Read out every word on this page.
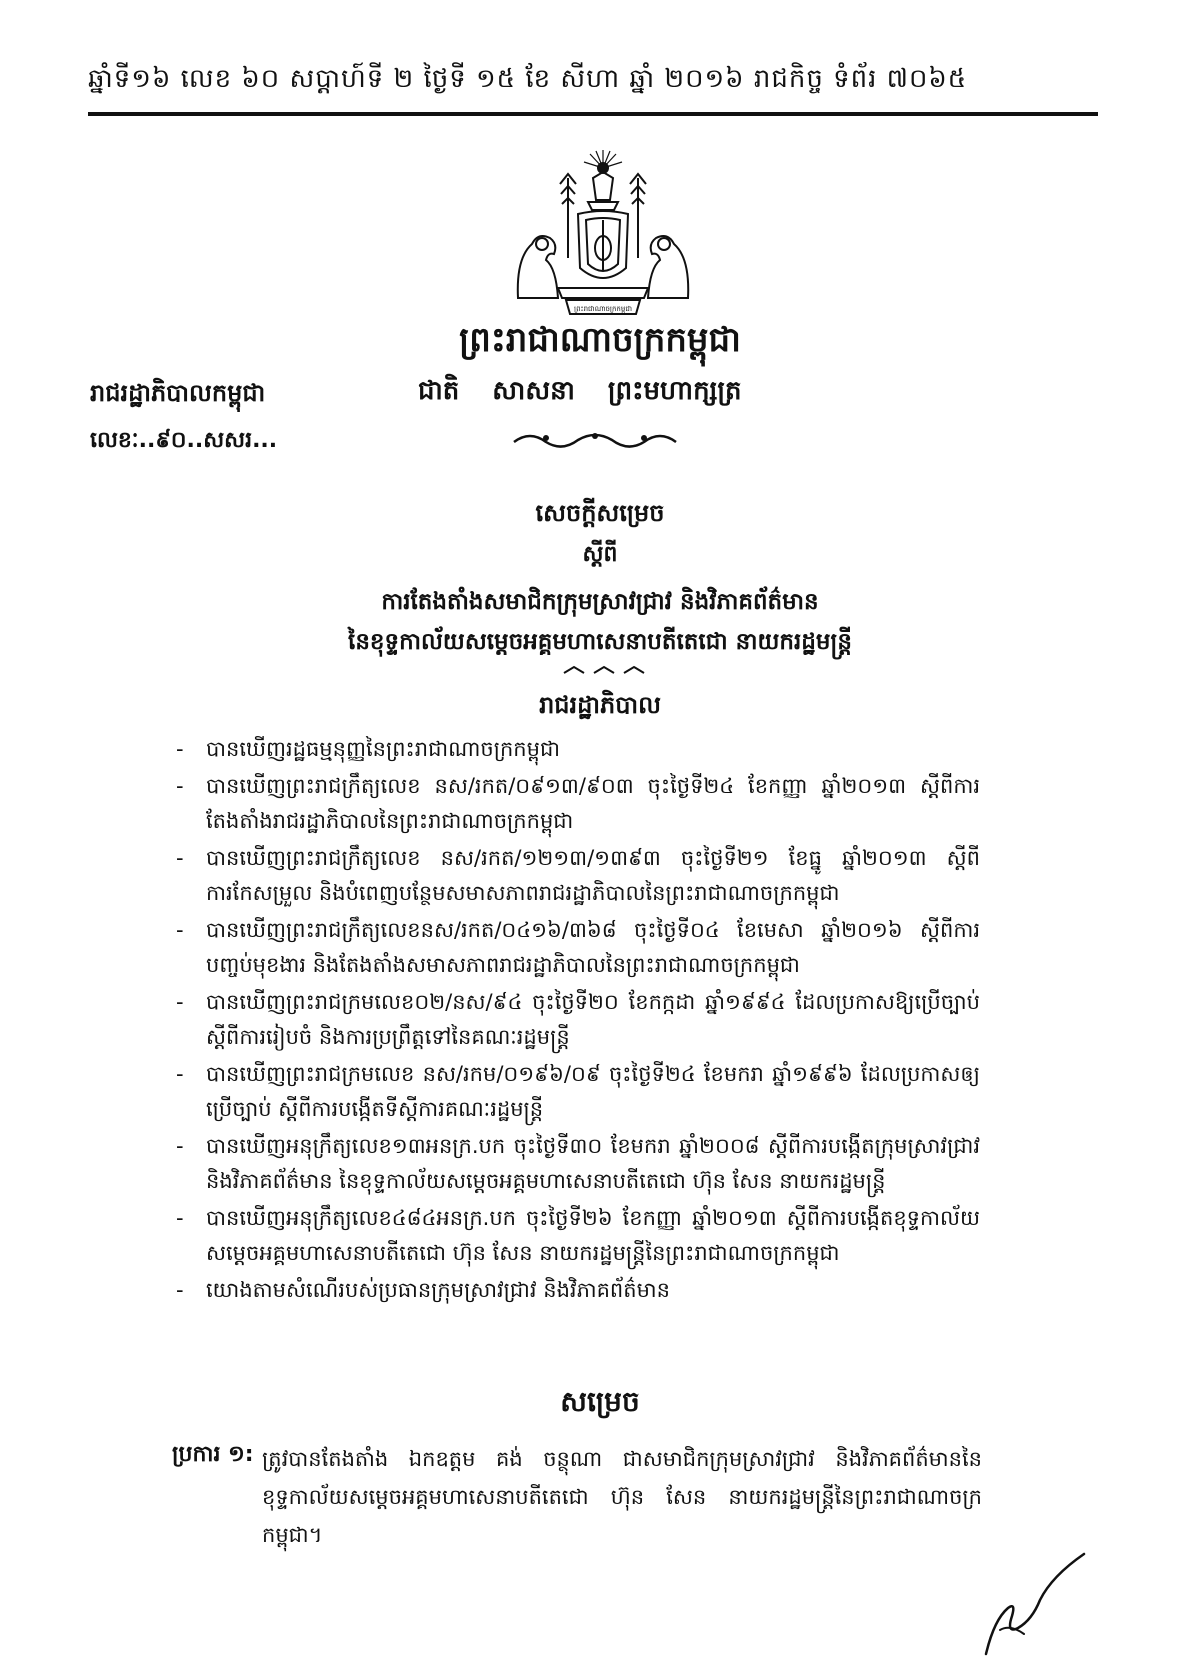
ឆ្នាំទី១៦ លេខ ៦០ សប្តាហ៍ទី ២ ថ្ងៃទី ១៥ ខែ សីហា ឆ្នាំ ២០១៦ រាជកិច្ច ទំព័រ ៧០៦៥
ព្រះរាជាណាចក្រកម្ពុជា
ព្រះរាជាណាចក្រកម្ពុជា
រាជរដ្ឋាភិបាលកម្ពុជា	ជាតិ សាសនា ព្រះមហាក្សត្រ
លេខៈ..៩០..សសរ...
សេចក្តីសម្រេច
ស្តីពី
ការតែងតាំងសមាជិកក្រុមស្រាវជ្រាវ និងវិភាគព័ត៌មាន
នៃខុទ្ទកាល័យសម្តេចអគ្គមហាសេនាបតីតេជោ នាយករដ្ឋមន្ត្រី
រាជរដ្ឋាភិបាល
- បានឃើញរដ្ឋធម្មនុញ្ញនៃព្រះរាជាណាចក្រកម្ពុជា
- បានឃើញព្រះរាជក្រឹត្យលេខ នស/រកត/០៩១៣/៩០៣ ចុះថ្ងៃទី២៤ ខែកញ្ញា ឆ្នាំ២០១៣ ស្តីពីការតែងតាំងរាជរដ្ឋាភិបាលនៃព្រះរាជាណាចក្រកម្ពុជា
- បានឃើញព្រះរាជក្រឹត្យលេខ នស/រកត/១២១៣/១៣៩៣ ចុះថ្ងៃទី២១ ខែធ្នូ ឆ្នាំ២០១៣ ស្តីពីការកែសម្រួល និងបំពេញបន្ថែមសមាសភាពរាជរដ្ឋាភិបាលនៃព្រះរាជាណាចក្រកម្ពុជា
- បានឃើញព្រះរាជក្រឹត្យលេខនស/រកត/០៤១៦/៣៦៨ ចុះថ្ងៃទី០៤ ខែមេសា ឆ្នាំ២០១៦ ស្តីពីការបញ្ចប់មុខងារ និងតែងតាំងសមាសភាពរាជរដ្ឋាភិបាលនៃព្រះរាជាណាចក្រកម្ពុជា
- បានឃើញព្រះរាជក្រមលេខ០២/នស/៩៤ ចុះថ្ងៃទី២០ ខែកក្កដា ឆ្នាំ១៩៩៤ ដែលប្រកាសឱ្យប្រើច្បាប់ស្តីពីការរៀបចំ និងការប្រព្រឹត្តទៅនៃគណៈរដ្ឋមន្ត្រី
- បានឃើញព្រះរាជក្រមលេខ នស/រកម/០១៩៦/០៩ ចុះថ្ងៃទី២៤ ខែមករា ឆ្នាំ១៩៩៦ ដែលប្រកាសឲ្យប្រើច្បាប់ ស្តីពីការបង្កើតទីស្តីការគណៈរដ្ឋមន្ត្រី
- បានឃើញអនុក្រឹត្យលេខ១៣អនក្រ.បក ចុះថ្ងៃទី៣០ ខែមករា ឆ្នាំ២០០៨ ស្តីពីការបង្កើតក្រុមស្រាវជ្រាវ និងវិភាគព័ត៌មាន នៃខុទ្ទកាល័យសម្តេចអគ្គមហាសេនាបតីតេជោ ហ៊ុន សែន នាយករដ្ឋមន្ត្រី
- បានឃើញអនុក្រឹត្យលេខ៤៨៤អនក្រ.បក ចុះថ្ងៃទី២៦ ខែកញ្ញា ឆ្នាំ២០១៣ ស្តីពីការបង្កើតខុទ្ទកាល័យសម្តេចអគ្គមហាសេនាបតីតេជោ ហ៊ុន សែន នាយករដ្ឋមន្ត្រីនៃព្រះរាជាណាចក្រកម្ពុជា
- យោងតាមសំណើរបស់ប្រធានក្រុមស្រាវជ្រាវ និងវិភាគព័ត៌មាន
សម្រេច
ប្រការ ១: ត្រូវបានតែងតាំង ឯកឧត្តម គង់ ចន្ថុណា ជាសមាជិកក្រុមស្រាវជ្រាវ និងវិភាគព័ត៌មាននៃខុទ្ទកាល័យសម្តេចអគ្គមហាសេនាបតីតេជោ ហ៊ុន សែន នាយករដ្ឋមន្ត្រីនៃព្រះរាជាណាចក្រកម្ពុជា។
